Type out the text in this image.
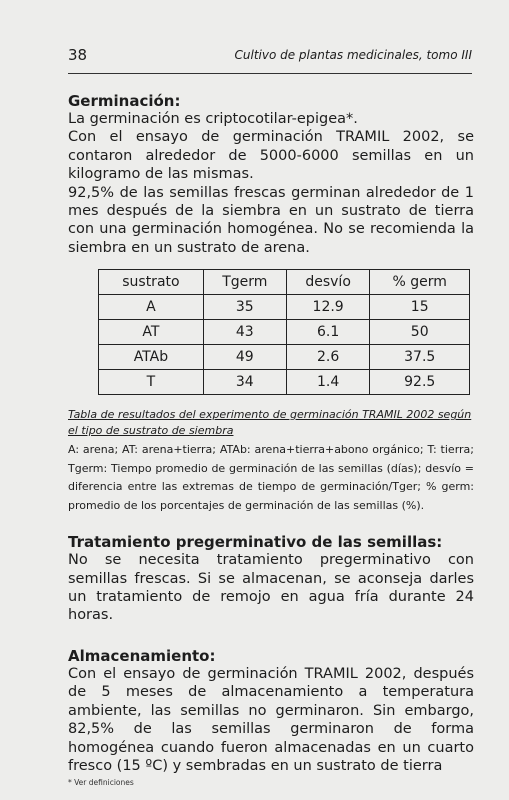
38	Cultivo de plantas medicinales, tomo III

Germinación:

La germinación es criptocotilar-epigea*.

Con el ensayo de germinación TRAMIL 2002, se contaron alrededor de 5000-6000 semillas en un kilogramo de las mismas.

92,5% de las semillas frescas germinan alrededor de 1 mes después de la siembra en un sustrato de tierra con una germinación homogénea. No se recomienda la siembra en un sustrato de arena.

sustrato	Tgerm	desvío	% germ
A	35	12.9	15
AT	43	6.1	50
ATAb	49	2.6	37.5
T	34	1.4	92.5
Tabla de resultados del experimento de germinación TRAMIL 2002 según el tipo de sustrato de siembra
A: arena; AT: arena+tierra; ATAb: arena+tierra+abono orgánico; T: tierra; Tgerm: Tiempo promedio de germinación de las semillas (días); desvío = diferencia entre las extremas de tiempo de germinación/Tger; % germ: promedio de los porcentajes de germinación de las semillas (%).

Tratamiento pregerminativo de las semillas:

No se necesita tratamiento pregerminativo con semillas frescas. Si se almacenan, se aconseja darles un tratamiento de remojo en agua fría durante 24 horas.

Almacenamiento:

Con el ensayo de germinación TRAMIL 2002, después de 5 meses de almacenamiento a temperatura ambiente, las semillas no germinaron. Sin embargo, 82,5% de las semillas germinaron de forma homogénea cuando fueron almacenadas en un cuarto fresco (15 ºC) y sembradas en un sustrato de tierra

* Ver definiciones
